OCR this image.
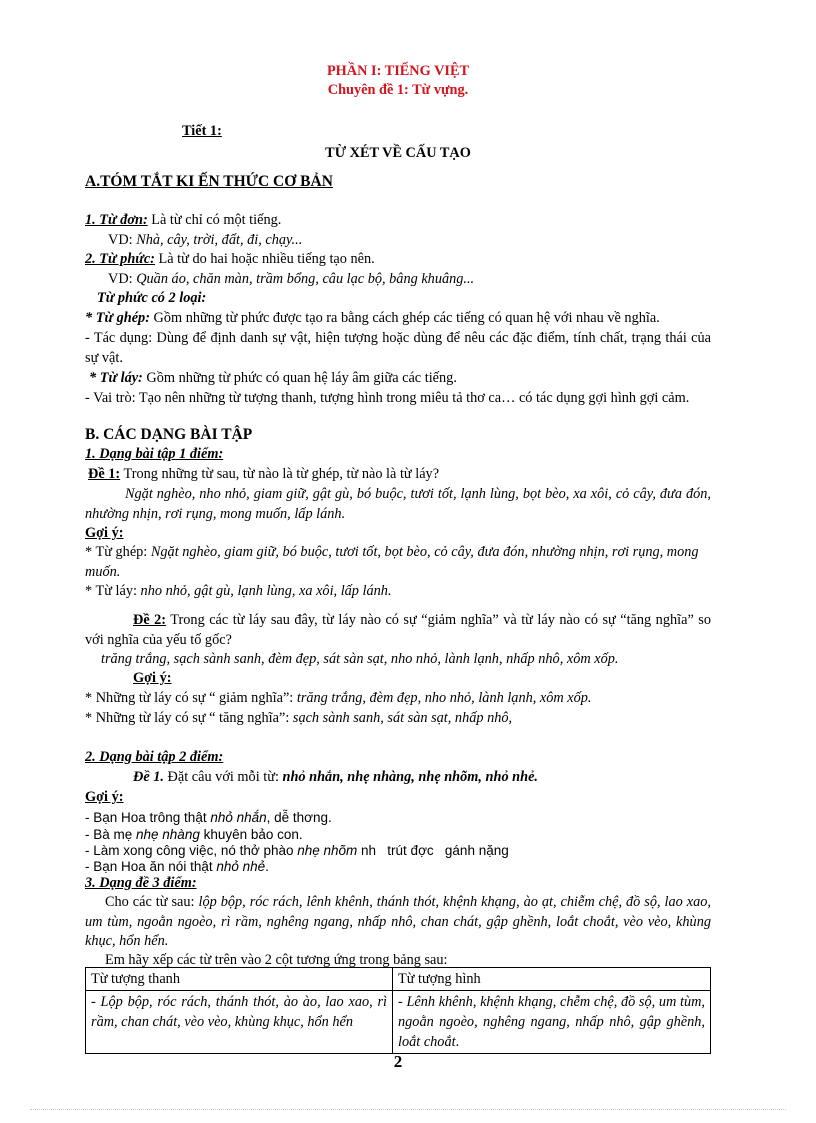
PHẦN I: TIẾNG VIỆT
Chuyên đề 1: Từ vựng.
Tiết 1:
TỪ XÉT VỀ CẤU TẠO
A.TÓM TẮT KI ẾN THỨC CƠ BẢN
1. Từ đơn: Là từ chỉ có một tiếng.
VD: Nhà, cây, trời, đất, đi, chạy...
2. Từ phức: Là từ do hai hoặc nhiều tiếng tạo nên.
VD: Quần áo, chăn màn, trầm bổng, câu lạc bộ, bâng khuâng...
Từ phức có 2 loại:
* Từ ghép: Gồm những từ phức được tạo ra bằng cách ghép các tiếng có quan hệ với nhau về nghĩa.
- Tác dụng: Dùng để định danh sự vật, hiện tượng hoặc dùng để nêu các đặc điểm, tính chất, trạng thái của sự vật.
* Từ láy: Gồm những từ phức có quan hệ láy âm giữa các tiếng.
- Vai trò: Tạo nên những từ tượng thanh, tượng hình trong miêu tả thơ ca… có tác dụng gợi hình gợi cảm.
B. CÁC DẠNG BÀI TẬP
1. Dạng bài tập 1 điểm:
Đề 1: Trong những từ sau, từ nào là từ ghép, từ nào là từ láy?
Ngặt nghèo, nho nhỏ, giam giữ, gật gù, bó buộc, tươi tốt, lạnh lùng, bọt bèo, xa xôi, cỏ cây, đưa đón, nhường nhịn, rơi rụng, mong muốn, lấp lánh.
Gợi ý:
* Từ ghép: Ngặt nghèo, giam giữ, bó buộc, tươi tốt, bọt bèo, cỏ cây, đưa đón, nhường nhịn, rơi rụng, mong muốn.
* Từ láy: nho nhỏ, gật gù, lạnh lùng, xa xôi, lấp lánh.
Đề 2: Trong các từ láy sau đây, từ láy nào có sự “giảm nghĩa” và từ láy nào có sự “tăng nghĩa” so với nghĩa của yếu tố gốc?
trăng trắng, sạch sành sanh, đèm đẹp, sát sàn sạt, nho nhỏ, lành lạnh, nhấp nhô, xôm xốp.
Gợi ý:
* Những từ láy có sự “ giảm nghĩa”: trăng trắng, đèm đẹp, nho nhỏ, lành lạnh, xôm xốp.
* Những từ láy có sự “ tăng nghĩa”: sạch sành sanh, sát sàn sạt, nhấp nhô,
2. Dạng bài tập 2 điểm:
Đề 1. Đặt câu với mỗi từ: nhỏ nhắn, nhẹ nhàng, nhẹ nhõm, nhỏ nhẻ.
Gợi ý:
- Bạn Hoa trông thật nhỏ nhắn, dễ thơng.
- Bà mẹ nhẹ nhàng khuyên bảo con.
- Làm xong công việc, nó thở phào nhẹ nhõm nh   trút đợc   gánh nặng
- Bạn Hoa ăn nói thật nhỏ nhẻ.
3. Dạng đề 3 điểm:
Cho các từ sau: lộp bộp, róc rách, lênh khênh, thánh thót, khệnh khạng, ào ạt, chiễm chệ, đồ sộ, lao xao, um tùm, ngoằn ngoèo, rì rầm, nghêng ngang, nhấp nhô, chan chát, gập ghềnh, loắt choắt, vèo vèo, khùng khục, hổn hển.
Em hãy xếp các từ trên vào 2 cột tương ứng trong bảng sau:
Từ tượng thanh	Từ tượng hình
- Lộp bộp, róc rách, thánh thót, ào ào, lao xao, rì rầm, chan chát, vèo vèo, khùng khục, hổn hển	- Lênh khênh, khệnh khạng, chễm chệ, đồ sộ, um tùm, ngoằn ngoèo, nghêng ngang, nhấp nhô, gập ghềnh, loắt choắt.
2
